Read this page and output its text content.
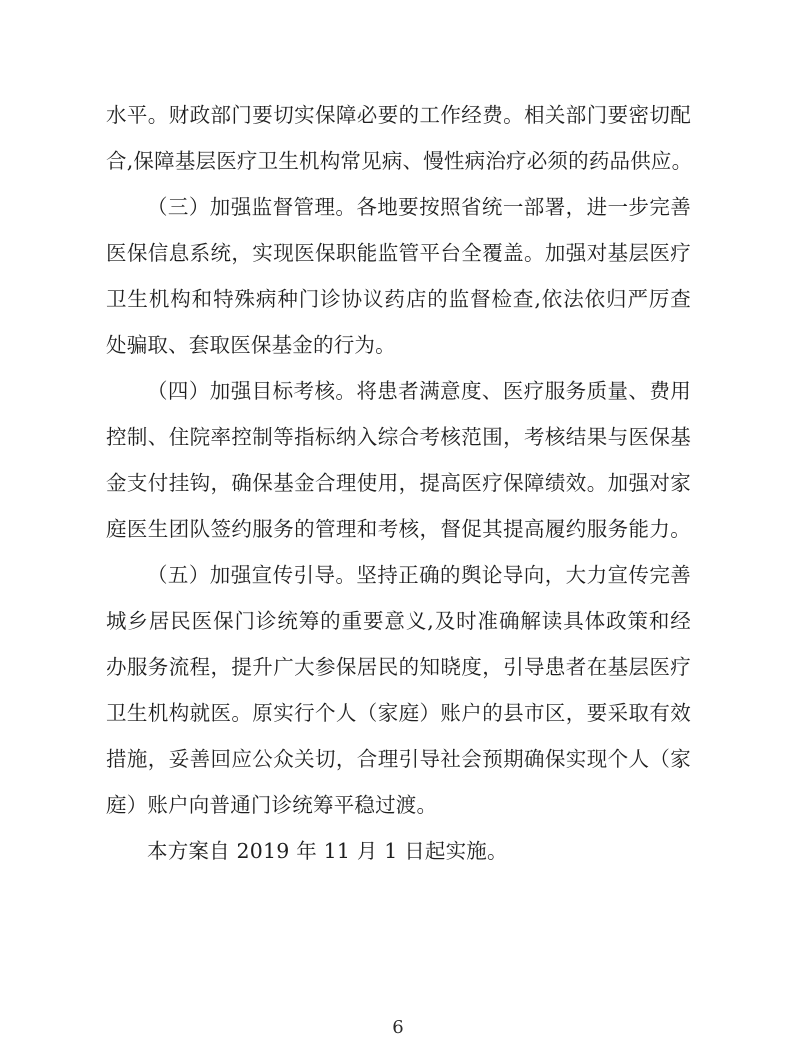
水平。财政部门要切实保障必要的工作经费。相关部门要密切配
合,保障基层医疗卫生机构常见病、慢性病治疗必须的药品供应。
（三）加强监督管理。各地要按照省统一部署，进一步完善
医保信息系统，实现医保职能监管平台全覆盖。加强对基层医疗
卫生机构和特殊病种门诊协议药店的监督检查,依法依归严厉查
处骗取、套取医保基金的行为。
（四）加强目标考核。将患者满意度、医疗服务质量、费用
控制、住院率控制等指标纳入综合考核范围，考核结果与医保基
金支付挂钩，确保基金合理使用，提高医疗保障绩效。加强对家
庭医生团队签约服务的管理和考核，督促其提高履约服务能力。
（五）加强宣传引导。坚持正确的舆论导向，大力宣传完善
城乡居民医保门诊统筹的重要意义,及时准确解读具体政策和经
办服务流程，提升广大参保居民的知晓度，引导患者在基层医疗
卫生机构就医。原实行个人（家庭）账户的县市区，要采取有效
措施，妥善回应公众关切，合理引导社会预期确保实现个人（家
庭）账户向普通门诊统筹平稳过渡。
本方案自 2019 年 11 月 1 日起实施。
6
